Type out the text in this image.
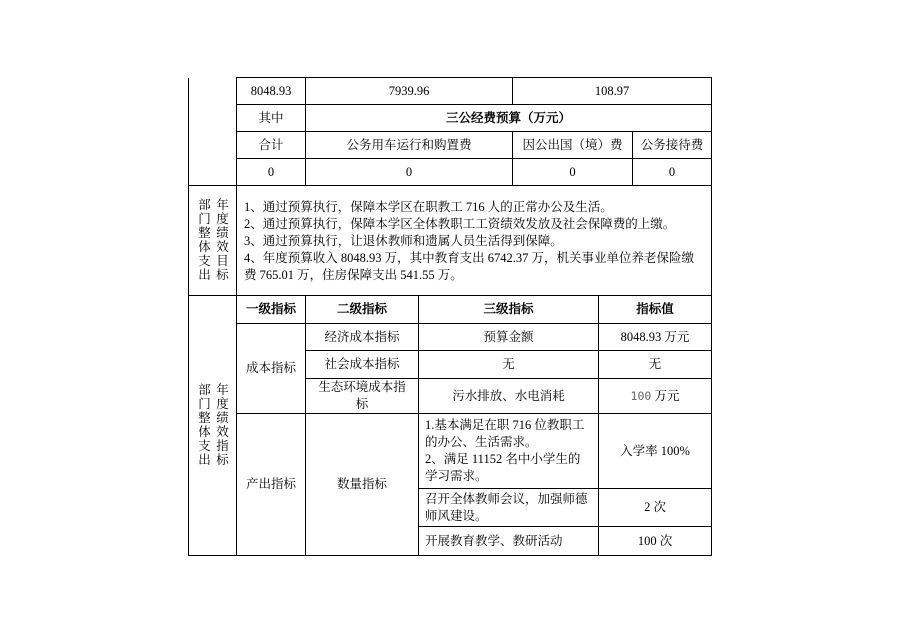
	8048.93	7939.96		108.97		
	其中	三公经费预算（万元）				
	合计	公务用车运行和购置费		因公出国（境）费		公务接待费
	0	0		0		0

部门整体支出年度绩效目标	1、通过预算执行，保障本学区在职教工 716 人的正常办公及生活。
2、通过预算执行，保障本学区全体教职工工资绩效发放及社会保障费的上缴。
3、通过预算执行，让退休教师和遗属人员生活得到保障。
4、年度预算收入 8048.93 万，其中教育支出 6742.37 万，机关事业单位养老保险缴费 765.01 万，住房保障支出 541.55 万。					

部门整体支出年度绩效指标	一级指标	二级指标	三级指标		指标值	
	成本指标	经济成本指标	预算金额		8048.93 万元	
		社会成本指标	无		无	
		生态环境成本指标	污水排放、水电消耗		100 万元	
	产出指标	数量指标	1.基本满足在职 716 位教职工的办公、生活需求。
2、满足 11152 名中小学生的学习需求。		入学率 100%	

			召开全体教师会议，加强师德师风建设。		2 次	

			开展教育教学、教研活动		100 次	
